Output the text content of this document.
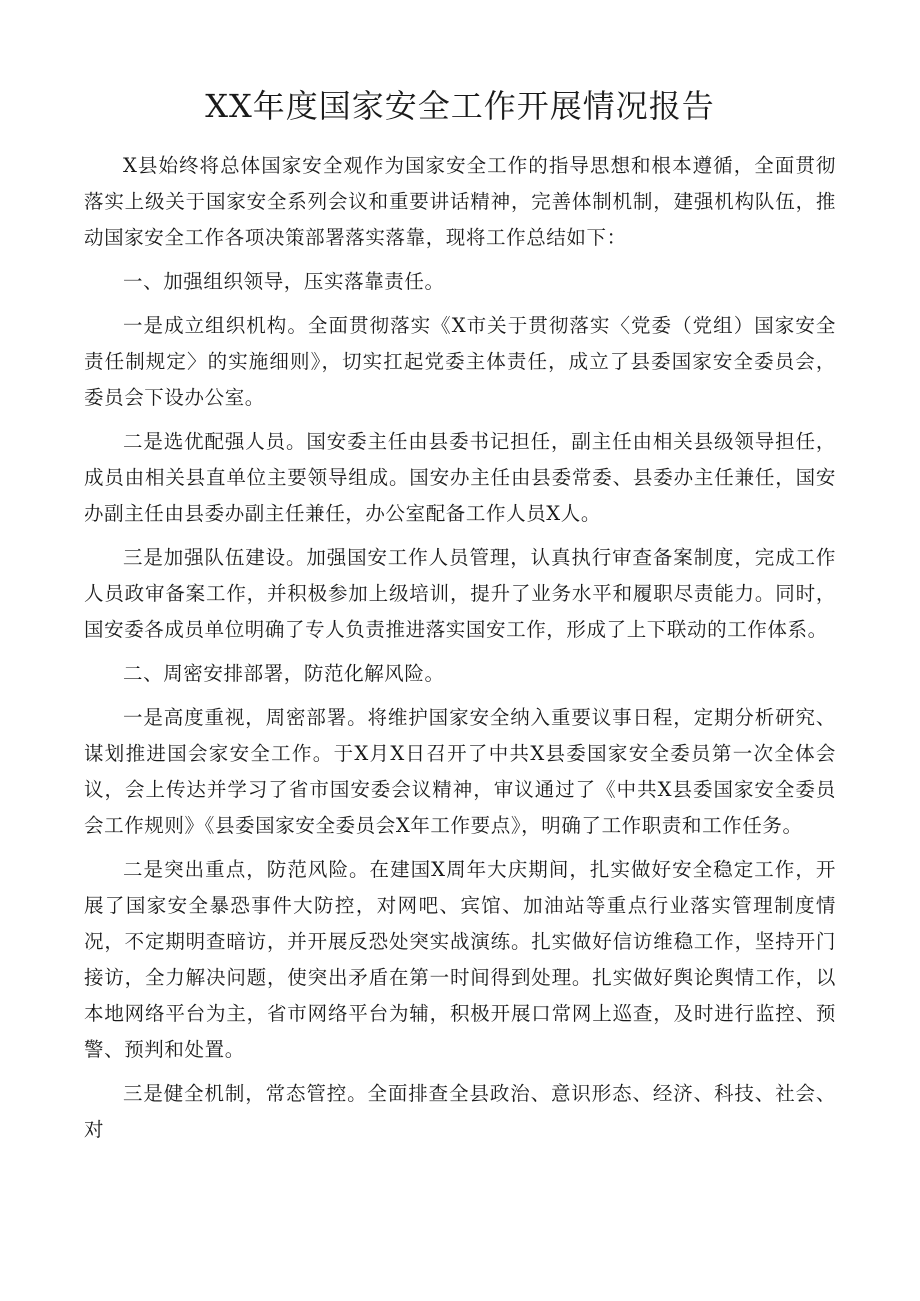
XX年度国家安全工作开展情况报告

X县始终将总体国家安全观作为国家安全工作的指导思想和根本遵循，全面贯彻落实上级关于国家安全系列会议和重要讲话精神，完善体制机制，建强机构队伍，推动国家安全工作各项决策部署落实落靠，现将工作总结如下：

一、加强组织领导，压实落靠责任。

一是成立组织机构。全面贯彻落实《X市关于贯彻落实〈党委（党组）国家安全责任制规定〉的实施细则》，切实扛起党委主体责任，成立了县委国家安全委员会，委员会下设办公室。

二是选优配强人员。国安委主任由县委书记担任，副主任由相关县级领导担任，成员由相关县直单位主要领导组成。国安办主任由县委常委、县委办主任兼任，国安办副主任由县委办副主任兼任，办公室配备工作人员X人。

三是加强队伍建设。加强国安工作人员管理，认真执行审查备案制度，完成工作人员政审备案工作，并积极参加上级培训，提升了业务水平和履职尽责能力。同时，国安委各成员单位明确了专人负责推进落实国安工作，形成了上下联动的工作体系。

二、周密安排部署，防范化解风险。

一是高度重视，周密部署。将维护国家安全纳入重要议事日程，定期分析研究、谋划推进国会家安全工作。于X月X日召开了中共X县委国家安全委员第一次全体会议，会上传达并学习了省市国安委会议精神，审议通过了《中共X县委国家安全委员会工作规则》《县委国家安全委员会X年工作要点》，明确了工作职责和工作任务。

二是突出重点，防范风险。在建国X周年大庆期间，扎实做好安全稳定工作，开展了国家安全暴恐事件大防控，对网吧、宾馆、加油站等重点行业落实管理制度情况，不定期明查暗访，并开展反恐处突实战演练。扎实做好信访维稳工作，坚持开门接访，全力解决问题，使突出矛盾在第一时间得到处理。扎实做好舆论舆情工作，以本地网络平台为主，省市网络平台为辅，积极开展口常网上巡查，及时进行监控、预警、预判和处置。

三是健全机制，常态管控。全面排查全县政治、意识形态、经济、科技、社会、对
